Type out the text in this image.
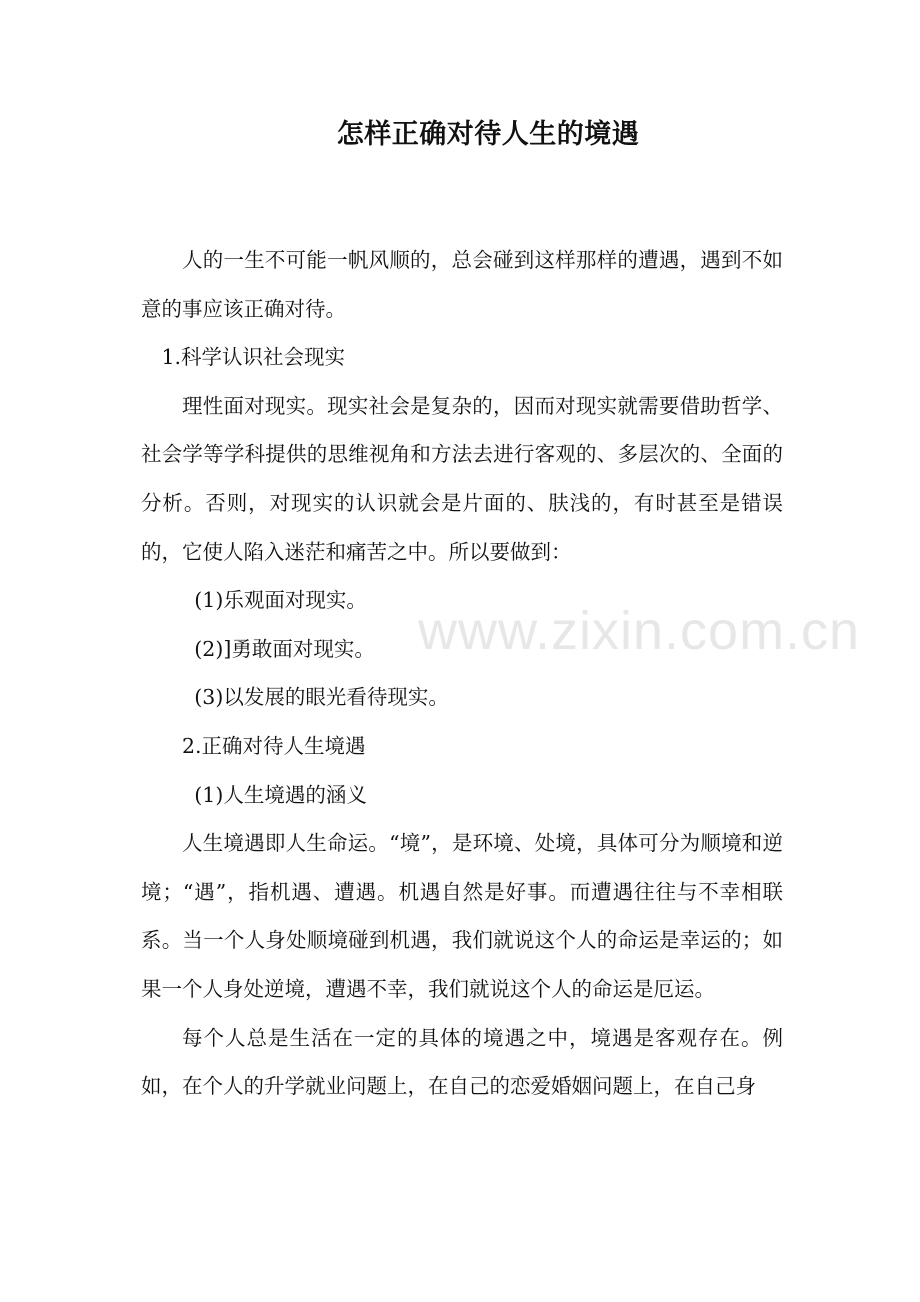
怎样正确对待人生的境遇

人的一生不可能一帆风顺的，总会碰到这样那样的遭遇，遇到不如意的事应该正确对待。

1.科学认识社会现实

理性面对现实。现实社会是复杂的，因而对现实就需要借助哲学、社会学等学科提供的思维视角和方法去进行客观的、多层次的、全面的分析。否则，对现实的认识就会是片面的、肤浅的，有时甚至是错误的，它使人陷入迷茫和痛苦之中。所以要做到：

(1)乐观面对现实。

(2)]勇敢面对现实。

(3)以发展的眼光看待现实。

2.正确对待人生境遇

(1)人生境遇的涵义

人生境遇即人生命运。“境”，是环境、处境，具体可分为顺境和逆境；“遇”，指机遇、遭遇。机遇自然是好事。而遭遇往往与不幸相联系。当一个人身处顺境碰到机遇，我们就说这个人的命运是幸运的；如果一个人身处逆境，遭遇不幸，我们就说这个人的命运是厄运。

每个人总是生活在一定的具体的境遇之中，境遇是客观存在。例如，在个人的升学就业问题上，在自己的恋爱婚姻问题上，在自己身

www.zixin.com.cn
